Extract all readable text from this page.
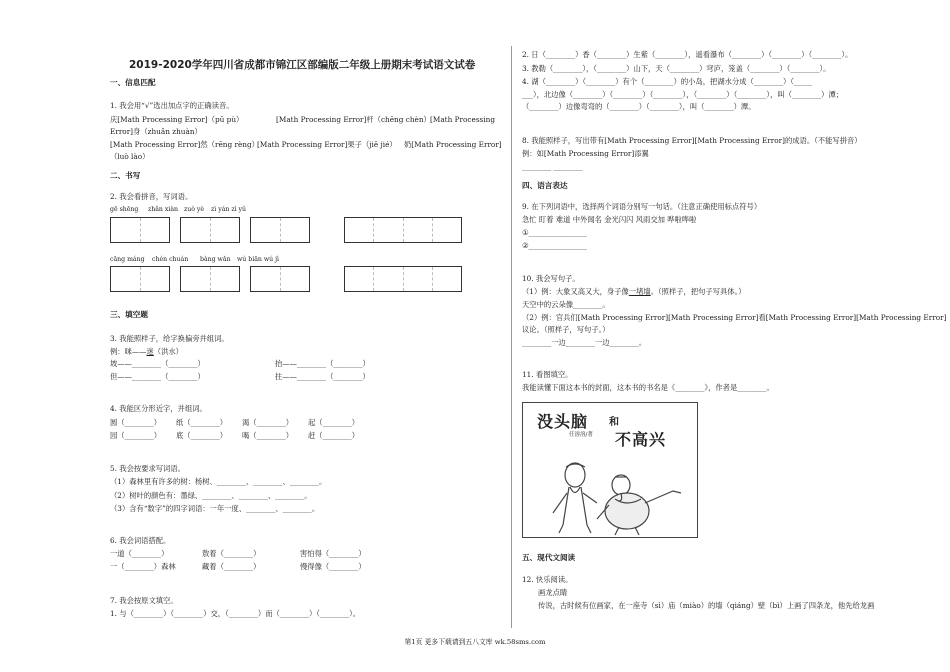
2019-2020学年四川省成都市锦江区部编版二年级上册期末考试语文试卷
一、信息匹配
1. 我会用“√”选出加点字的正确读音。
庆[Math Processing Error]（pū pù）	[Math Processing Error]杆（chēng chèn） [Math Processing
Error]身（zhuǎn zhuàn）
[Math Processing Error]然（rēng rèng）
[Math Processing Error]果子（jiē jié） 奶[Math Processing Error]
（luò lào）
二、书写
2. 我会看拼音，写词语。
gē shēng zhǎn xiàn zuò yè zì yán zì yǔ
cāng máng chén chuán bàng wǎn wú biān wú jì
三、填空题
3. 我能照样子，给字换偏旁并组词。
例：咪——迷（洪水）
坡——________（________）	抬——________（________）
但——________（________）	拄——________（________）
4. 我能区分形近字，并组词。
圆（________） 纸（________） 渴（________） 起（________）
园（________） 底（________） 喝（________） 赶（________）
5. 我会按要求写词语。
（1）森林里有许多的树：杨树、________、________、________。
（2）树叶的颜色有：墨绿、________、________、________。
（3）含有“数字”的四字词语：一年一度、________、________。
6. 我会词语搭配。
一道（________）	敖着（________）	害怕得（________）
一（________）森林	藏着（________）	慢得像（________）
7. 我会按原文填空。
1. 与（________）（________）交，（________）而（________）（________）。
2. 日（________）香（________）生紫（________），遥看瀑布（________）（________）（________）。
3. 教勒（________），（________）山下，天（________）穹庐，笼盖（________）（________）。
4. 湖（________）（________）有个（________）的小岛，把湖水分成（________）（_____
___），北边像（________）（________）（________），（________）（________），叫（________）潭；
（________）边像弯弯的（________）（________），叫（________）潭。
8. 我能照样子，写出带有[Math Processing Error][Math Processing Error]的成语。（不能写拼音）
例：如[Math Processing Error]添翼
________ ________
四、语言表达
9. 在下列词语中，选择两个词语分别写一句话。（注意正确使用标点符号）
急忙 盯着 难道 中外闻名 金光闪闪 风雨交加 哗啦哗啦
①________________
②________________
10. 我会写句子。
（1）例：大象又高又大，身子像一堵墙。（照样子，把句子写具体。）
天空中的云朵像________。
（2）例：官兵们[Math Processing Error][Math Processing Error]看[Math Processing Error][Math Processing Error]
议论。（照样子，写句子。）
________一边________一边________。
11. 看图填空。
我能读懂下面这本书的封面，这本书的书名是《________》，作者是________。
没头脑 和
任溶溶/著 不高兴
五、现代文阅读
12. 快乐阅读。
画龙点睛
传说，古时候有位画家，在一座寺（sì）庙（miào）的墙（qiáng）壁（bì）上画了四条龙，他先给龙画
第1页 更多下载请到五八文库 wk.58sms.com
